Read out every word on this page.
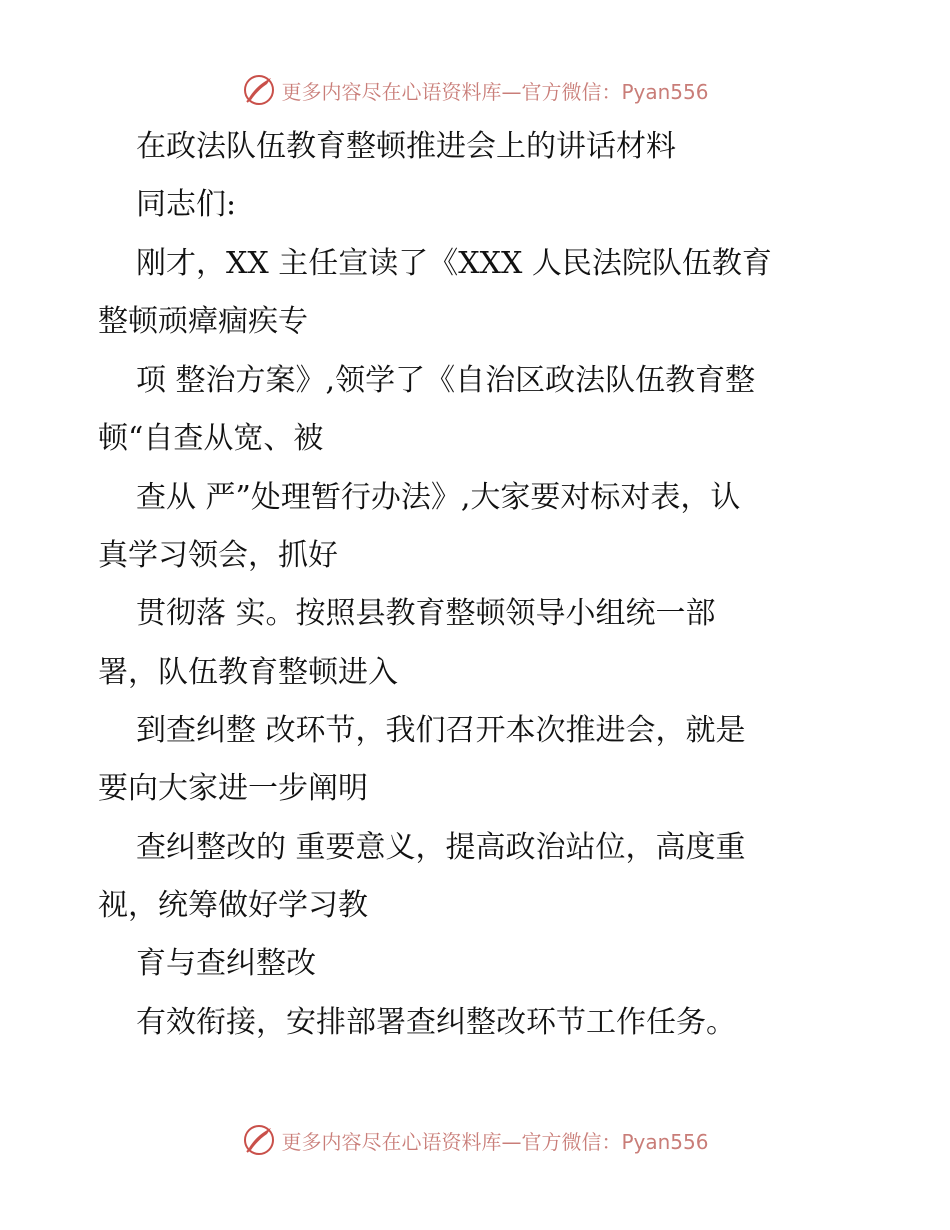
更多内容尽在心语资料库—官方微信：Pyan556
在政法队伍教育整顿推进会上的讲话材料
同志们:
刚才，XX 主任宣读了《XXX 人民法院队伍教育
整顿顽瘴痼疾专
项 整治方案》,领学了《自治区政法队伍教育整
顿“自查从宽、被
查从 严”处理暂行办法》,大家要对标对表，认
真学习领会，抓好
贯彻落 实。按照县教育整顿领导小组统一部
署，队伍教育整顿进入
到查纠整 改环节，我们召开本次推进会，就是
要向大家进一步阐明
查纠整改的 重要意义，提高政治站位，高度重
视，统筹做好学习教
育与查纠整改
有效衔接，安排部署查纠整改环节工作任务。
更多内容尽在心语资料库—官方微信：Pyan556
